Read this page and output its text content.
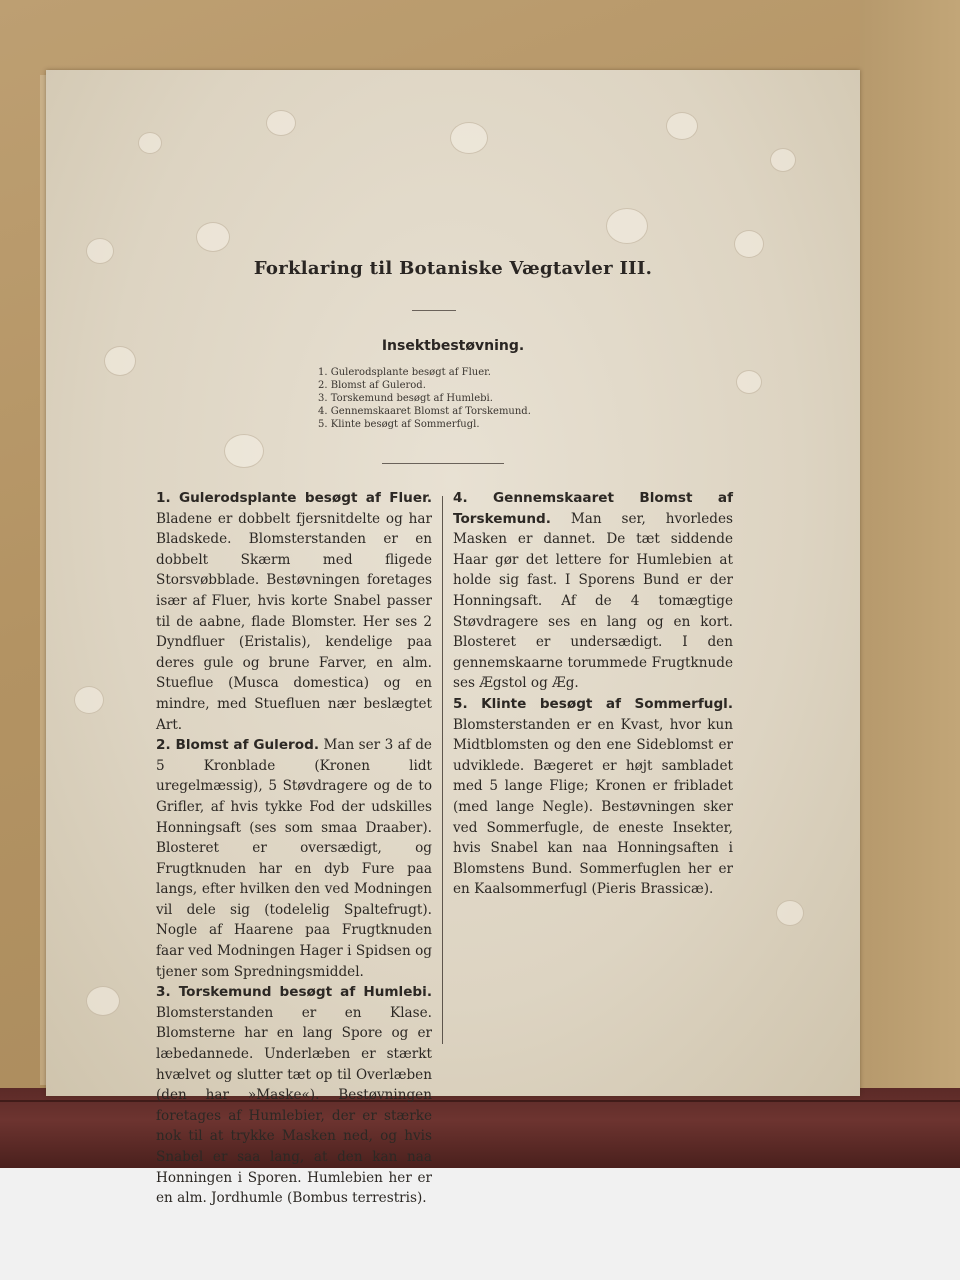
Forklaring til Botaniske Vægtavler III.
Insektbestøvning.
1. Gulerodsplante besøgt af Fluer.
2. Blomst af Gulerod.
3. Torskemund besøgt af Humlebi.
4. Gennemskaaret Blomst af Torskemund.
5. Klinte besøgt af Sommerfugl.

1. Gulerodsplante besøgt af Fluer. Bladene er dobbelt fjersnitdelte og har Bladskede. Blomsterstanden er en dobbelt Skærm med fligede Storsvøbblade. Bestøvningen foretages især af Fluer, hvis korte Snabel passer til de aabne, flade Blomster. Her ses 2 Dyndfluer (Eristalis), kendelige paa deres gule og brune Farver, en alm. Stueflue (Musca domestica) og en mindre, med Stuefluen nær beslægtet Art.

2. Blomst af Gulerod. Man ser 3 af de 5 Kronblade (Kronen lidt uregelmæssig), 5 Støvdragere og de to Grifler, af hvis tykke Fod der udskilles Honningsaft (ses som smaa Draaber). Blosteret er oversædigt, og Frugtknuden har en dyb Fure paa langs, efter hvilken den ved Modningen vil dele sig (todelelig Spaltefrugt). Nogle af Haarene paa Frugtknuden faar ved Modningen Hager i Spidsen og tjener som Spredningsmiddel.

3. Torskemund besøgt af Humlebi. Blomsterstanden er en Klase. Blomsterne har en lang Spore og er læbedannede. Underlæben er stærkt hvælvet og slutter tæt op til Overlæben (den har »Maske«). Bestøvningen foretages af Humlebier, der er stærke nok til at trykke Masken ned, og hvis Snabel er saa lang, at den kan naa Honningen i Sporen. Humlebien her er en alm. Jordhumle (Bombus terrestris).

4. Gennemskaaret Blomst af Torskemund. Man ser, hvorledes Masken er dannet. De tæt siddende Haar gør det lettere for Humlebien at holde sig fast. I Sporens Bund er der Honningsaft. Af de 4 tomægtige Støvdragere ses en lang og en kort. Blosteret er undersædigt. I den gennemskaarne torummede Frugtknude ses Ægstol og Æg.

5. Klinte besøgt af Sommerfugl. Blomsterstanden er en Kvast, hvor kun Midtblomsten og den ene Sideblomst er udviklede. Bægeret er højt sambladet med 5 lange Flige; Kronen er fribladet (med lange Negle). Bestøvningen sker ved Sommerfugle, de eneste Insekter, hvis Snabel kan naa Honningsaften i Blomstens Bund. Sommerfuglen her er en Kaalsommerfugl (Pieris Brassicæ).
